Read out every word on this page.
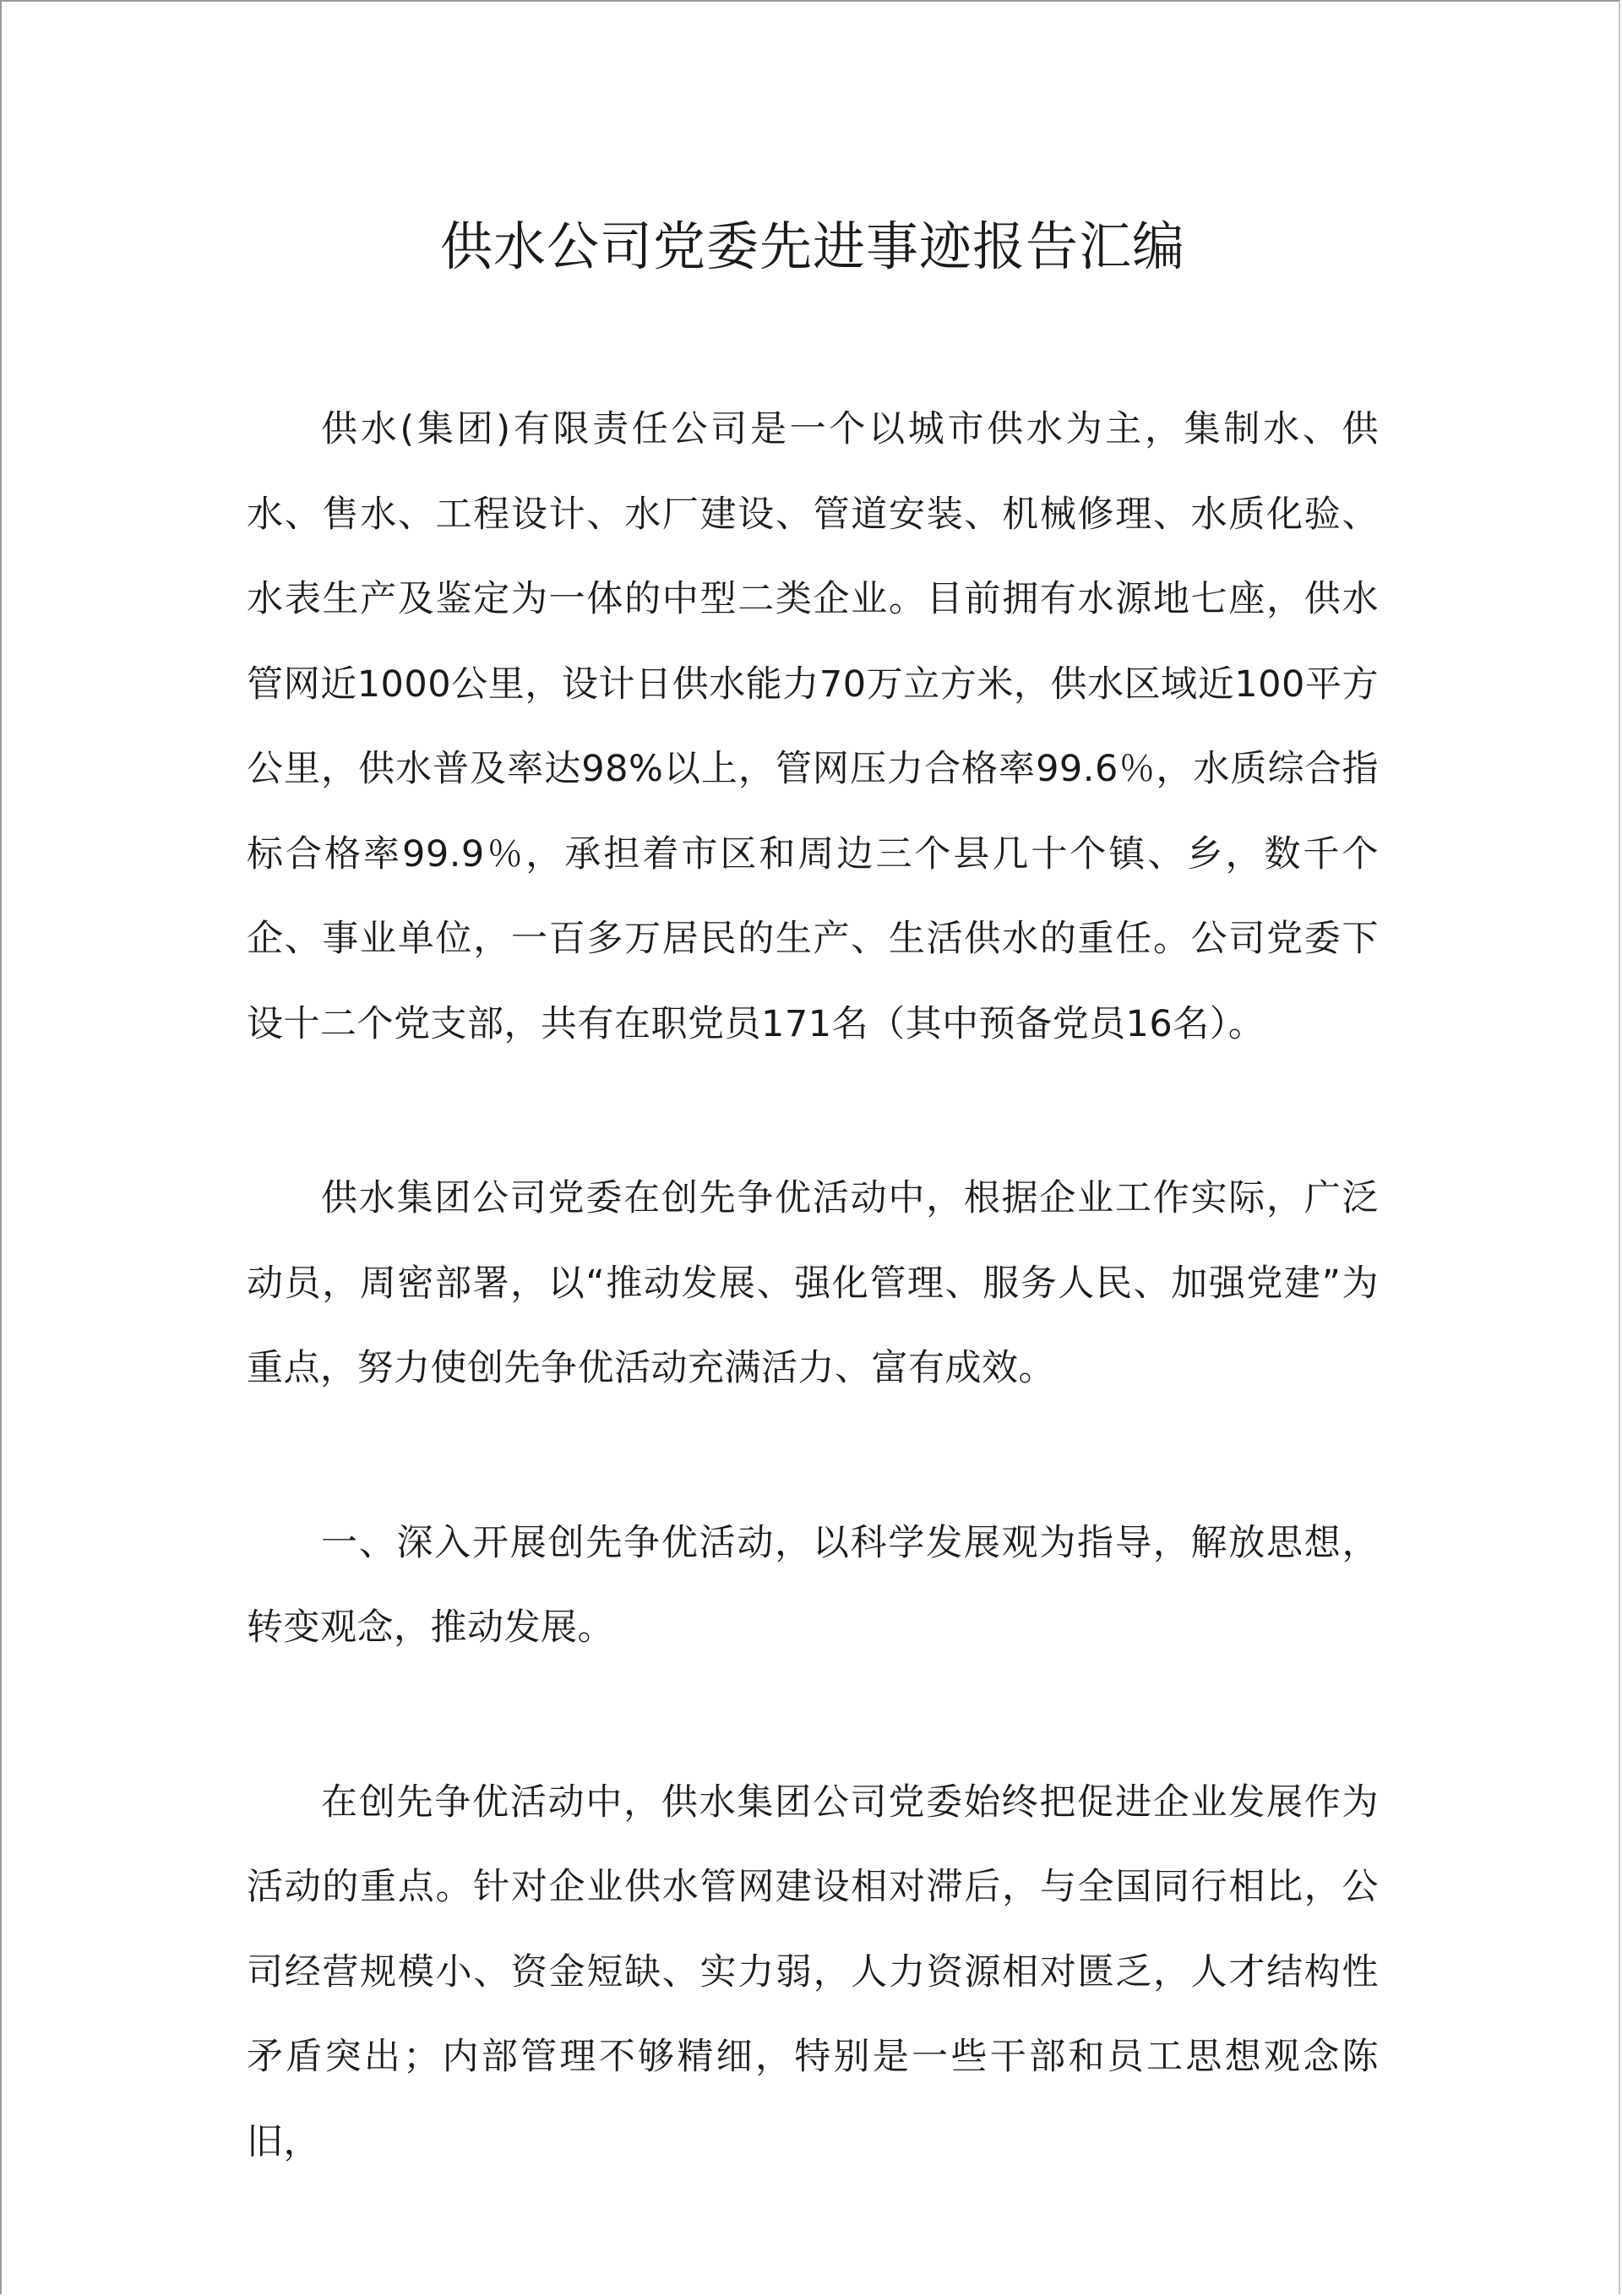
供水公司党委先进事迹报告汇编

供水(集团)有限责任公司是一个以城市供水为主，集制水、供水、售水、工程设计、水厂建设、管道安装、机械修理、水质化验、水表生产及鉴定为一体的中型二类企业。目前拥有水源地七座，供水管网近1000公里，设计日供水能力70万立方米，供水区域近100平方公里，供水普及率达98%以上，管网压力合格率99.6％，水质综合指标合格率99.9％，承担着市区和周边三个县几十个镇、乡，数千个企、事业单位，一百多万居民的生产、生活供水的重任。公司党委下设十二个党支部，共有在职党员171名（其中预备党员16名）。

供水集团公司党委在创先争优活动中，根据企业工作实际，广泛动员，周密部署，以“推动发展、强化管理、服务人民、加强党建”为重点，努力使创先争优活动充满活力、富有成效。

一、深入开展创先争优活动，以科学发展观为指导，解放思想，转变观念，推动发展。

在创先争优活动中，供水集团公司党委始终把促进企业发展作为活动的重点。针对企业供水管网建设相对滞后，与全国同行相比，公司经营规模小、资金短缺、实力弱，人力资源相对匮乏，人才结构性矛盾突出；内部管理不够精细，特别是一些干部和员工思想观念陈旧，
